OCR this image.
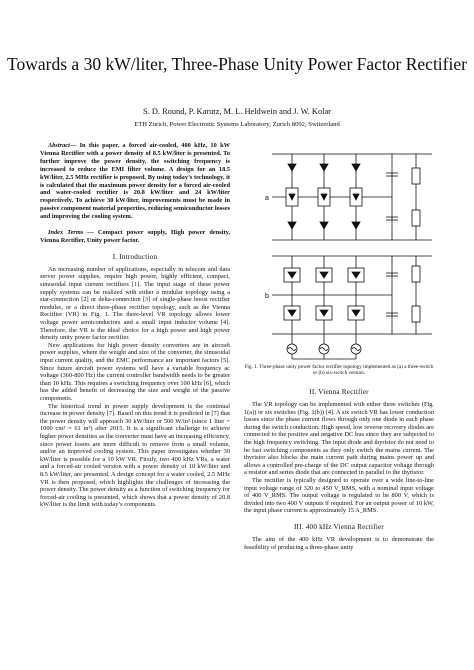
Towards a 30 kW/liter, Three-Phase Unity Power Factor Rectifier
S. D. Round, P. Karutz, M. L. Heldwein and J. W. Kolar
ETH Zurich, Power Electronic Systems Laboratory, Zurich 8092, Switzerland

Abstract— In this paper, a forced air-cooled, 400 kHz, 10 kW Vienna Rectifier with a power density of 8.5 kW/liter is presented. To further improve the power density, the switching frequency is increased to reduce the EMI filter volume. A design for an 18.5 kW/liter, 2.5 MHz rectifier is proposed. By using today’s technology, it is calculated that the maximum power density for a forced air-cooled and water-cooled rectifier is 20.8 kW/liter and 24 kW/liter respectively. To achieve 30 kW/liter, improvements must be made in passive component material properties, reducing semiconductor losses and improving the cooling system.

Index Terms — Compact power supply, High power density, Vienna Rectifier, Unity power factor.

I. Introduction

An increasing number of applications, especially in telecom and data server power supplies, require high power, highly efficient, compact, sinusoidal input current rectifiers [1]. The input stage of these power supply systems can be realized with either a modular topology using a star-connection [2] or delta-connection [3] of single-phase boost rectifier modules, or a direct three-phase rectifier topology, such as the Vienna Rectifier (VR) in Fig. 1. The three-level VR topology allows lower voltage power semiconductors and a small input inductor volume [4]. Therefore, the VR is the ideal choice for a high power and high power density unity power factor rectifier.

New applications for high power density converters are in aircraft power supplies, where the weight and size of the converter, the sinusoidal input current quality, and the EMC performance are important factors [5]. Since future aircraft power systems will have a variable frequency ac voltage (360-800 Hz) the current controller bandwidth needs to be greater than 10 kHz. This requires a switching frequency over 100 kHz [6], which has the added benefit of decreasing the size and weight of the passive components.

The historical trend in power supply development is the continual increase in power density [7]. Based on this trend it is predicted in [7] that the power density will approach 30 kW/liter or 500 W/in³ (since 1 liter = 1000 cm³ = 61 in³) after 2015. It is a significant challenge to achieve higher power densities as the converter must have an increasing efficiency, since power losses are more difficult to remove from a small volume, and/or an improved cooling system. This paper investigates whether 30 kW/liter is possible for a 10 kW VR. Firstly, two 400 kHz VRs, a water and a forced-air cooled version with a power density of 10 kW/liter and 8.5 kW/liter, are presented. A design concept for a water cooled, 2.5 MHz VR is then proposed, which highlights the challenges of increasing the power density. The power density as a function of switching frequency for forced-air cooling is presented, which shows that a power density of 20.8 kW/liter is the limit with today’s components.

a
b
Fig. 1. Three-phase unity power factor rectifier topology implemented as (a) a three-switch or (b) six-switch version.
II. Vienna Rectifier

The VR topology can be implemented with either three switches (Fig. 1(a)) or six switches (Fig. 1(b)) [4]. A six switch VR has lower conduction losses since the phase current flows through only one diode in each phase during the switch conduction. High speed, low reverse recovery diodes are connected to the positive and negative DC bus since they are subjected to the high frequency switching. The input diode and thyristor do not need to be fast switching components as they only switch the mains current. The thyristor also blocks the main current path during mains power up and allows a controlled pre-charge of the DC output capacitor voltage through a resistor and series diode that are connected in parallel to the thyristor.

The rectifier is typically designed to operate over a wide line-to-line input voltage range of 320 to 450 V_RMS, with a nominal input voltage of 400 V_RMS. The output voltage is regulated to be 800 V, which is divided into two 400 V outputs if required. For an output power of 10 kW, the input phase current is approximately 15 A_RMS.

III. 400 kHz Vienna Rectifier

The aim of the 400 kHz VR development is to demonstrate the feasibility of producing a three-phase unity
